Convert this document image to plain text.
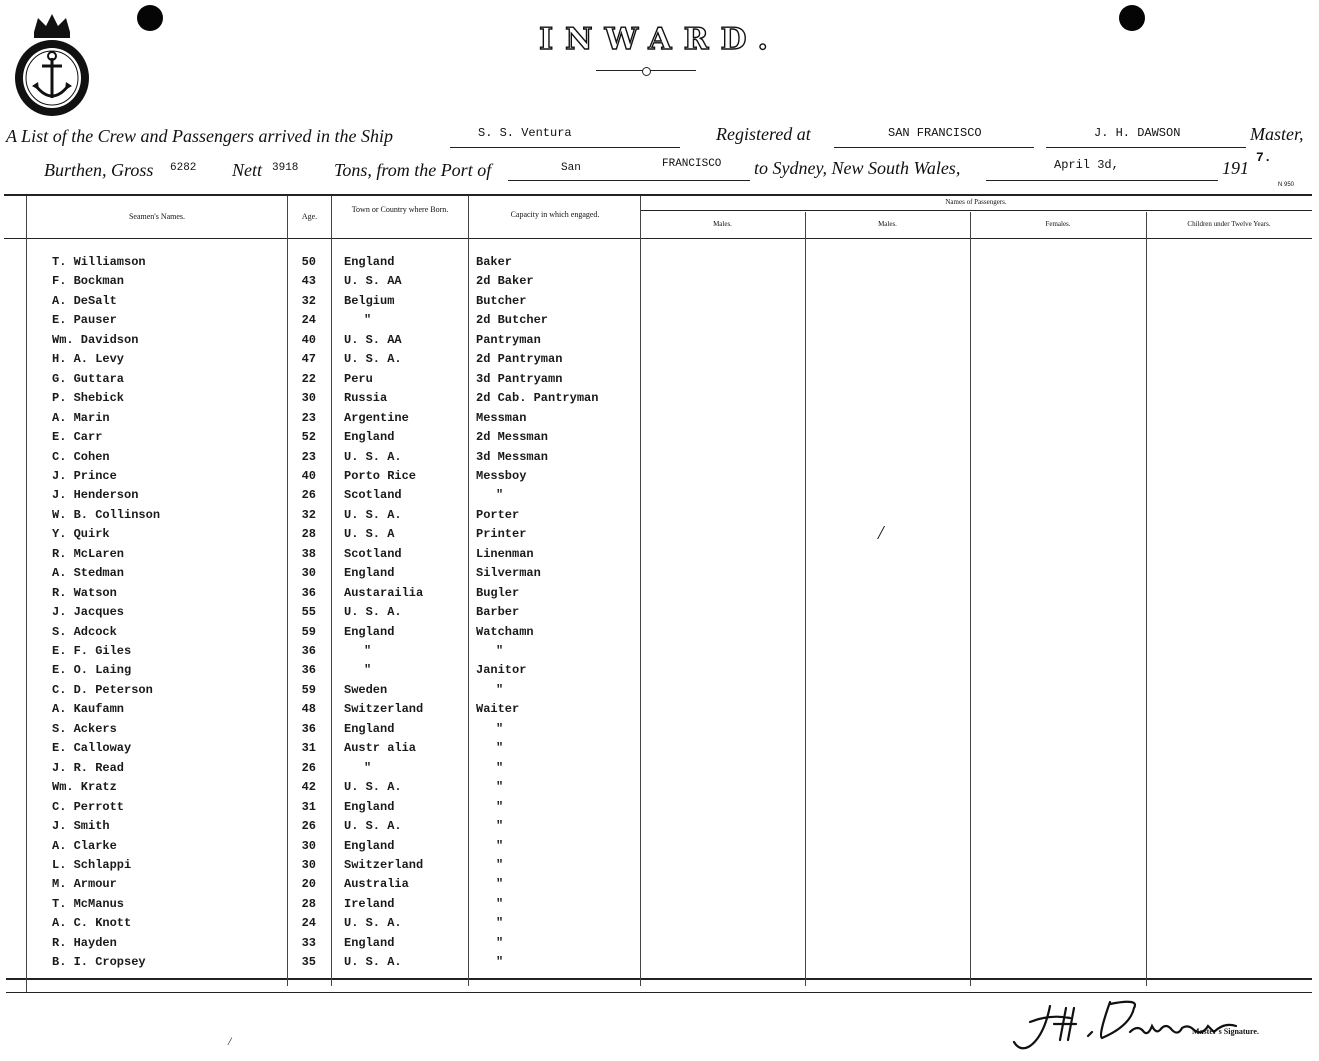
INWARD.
A List of the Crew and Passengers arrived in the Ship	S. S. Ventura	Registered at	SAN FRANCISCO	J. H. DAWSON	Master,
Burthen, Gross 6282 Nett 3918 Tons, from the Port of	San	FRANCISCO to Sydney, New South Wales,	April 3d,	191
7.
N 950
Seamen's Names.	Age.
Town or Country where Born.
Capacity in which engaged.
Names of Passengers.
Males.	Males.	Females.	Children under Twelve Years.
T. Williamson	50 England	Baker
F. Bockman	43 U. S. AA	2d Baker
A. DeSalt	32 Belgium	Butcher
E. Pauser	24	"	2d Butcher
Wm. Davidson	40 U. S. AA	Pantryman
H. A. Levy	47 U. S. A.	2d Pantryman
G. Guttara	22 Peru	3d Pantryamn
P. Shebick	30 Russia	2d Cab. Pantryman
A. Marin	23 Argentine	Messman
E. Carr	52 England	2d Messman
C. Cohen	23 U. S. A.	3d Messman
J. Prince	40 Porto Rice	Messboy
J. Henderson	26 Scotland	"
W. B. Collinson	32 U. S. A.	Porter
Y. Quirk	28 U. S. A	Printer
R. McLaren	38 Scotland	Linenman
A. Stedman	30 England	Silverman
R. Watson	36 Austarailia	Bugler
J. Jacques	55 U. S. A.	Barber
S. Adcock	59 England	Watchamn
E. F. Giles	36	"	"
E. O. Laing	36	"	Janitor
C. D. Peterson	59 Sweden	"
A. Kaufamn	48 Switzerland	Waiter
S. Ackers	36 England	"
E. Calloway	31 Austr alia	"
J. R. Read	26	"	"
Wm. Kratz	42 U. S. A.	"
C. Perrott	31 England	"
J. Smith	26 U. S. A.	"
A. Clarke	30 England	"
L. Schlappi	30 Switzerland	"
M. Armour	20 Australia	"
T. McManus	28 Ireland	"
A. C. Knott	24 U. S. A.	"
R. Hayden	33 England	"
B. I. Cropsey	35 U. S. A.	"
/
/
Master's Signature.
